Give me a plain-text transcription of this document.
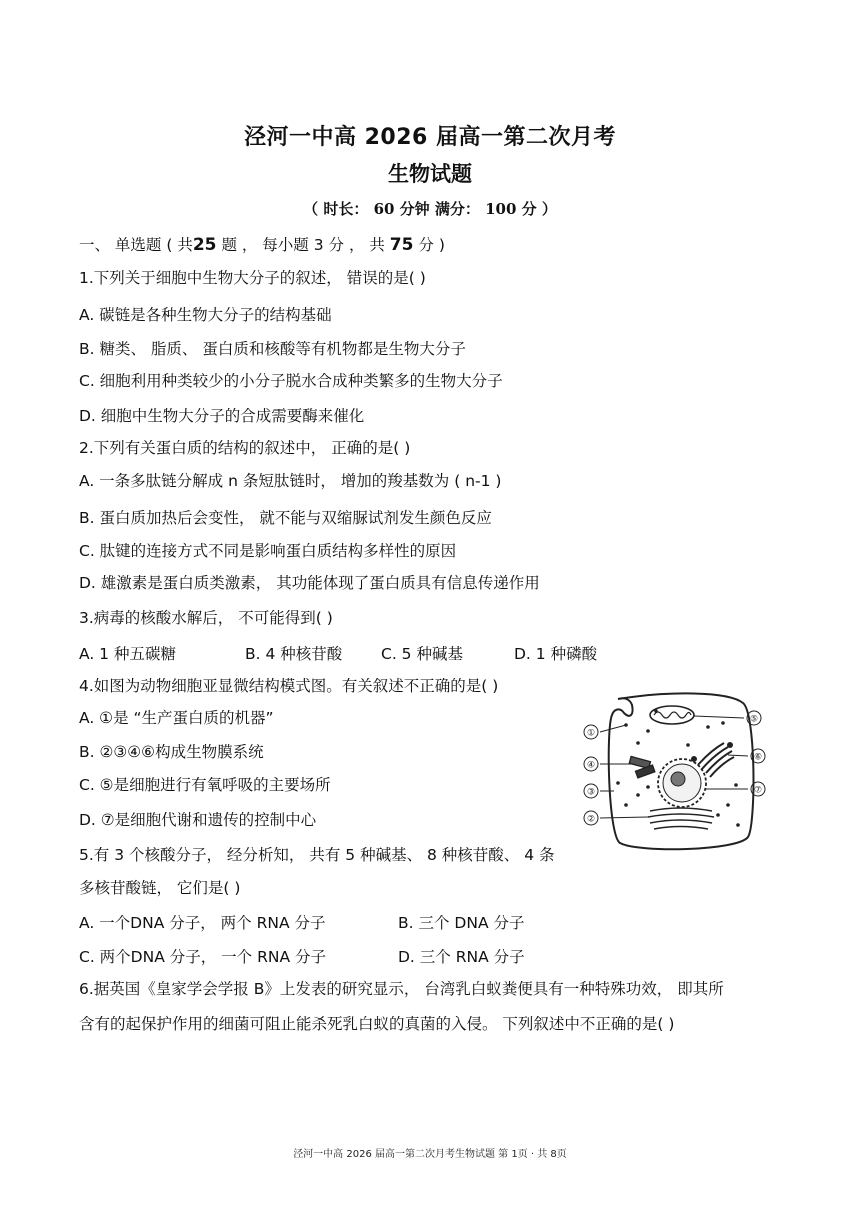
泾河一中高 2026 届高一第二次月考
生物试题
（ 时长： 60 分钟 满分： 100 分 ）
一、 单选题 ( 共25 题 ， 每小题 3 分 ， 共 75 分 )
1.下列关于细胞中生物大分子的叙述， 错误的是( )
A. 碳链是各种生物大分子的结构基础
B. 糖类、 脂质、 蛋白质和核酸等有机物都是生物大分子
C. 细胞利用种类较少的小分子脱水合成种类繁多的生物大分子
D. 细胞中生物大分子的合成需要酶来催化
2.下列有关蛋白质的结构的叙述中， 正确的是( )
A. 一条多肽链分解成 n 条短肽链时， 增加的羧基数为 ( n-1 )
B. 蛋白质加热后会变性， 就不能与双缩脲试剂发生颜色反应
C. 肽键的连接方式不同是影响蛋白质结构多样性的原因
D. 雄激素是蛋白质类激素， 其功能体现了蛋白质具有信息传递作用
3.病毒的核酸水解后， 不可能得到( )
A. 1 种五碳糖	B. 4 种核苷酸 C. 5 种碱基	D. 1 种磷酸
4.如图为动物细胞亚显微结构模式图。有关叙述不正确的是( )
A. ①是 “生产蛋白质的机器”
B. ②③④⑥构成生物膜系统
C. ⑤是细胞进行有氧呼吸的主要场所
D. ⑦是细胞代谢和遗传的控制中心
①
④
③
②
⑤
⑥
⑦
5.有 3 个核酸分子， 经分析知， 共有 5 种碱基、 8 种核苷酸、 4 条
多核苷酸链， 它们是( )
A. 一个DNA 分子， 两个 RNA 分子	B. 三个 DNA 分子
C. 两个DNA 分子， 一个 RNA 分子	D. 三个 RNA 分子
6.据英国《皇家学会学报 B》上发表的研究显示， 台湾乳白蚁粪便具有一种特殊功效， 即其所
含有的起保护作用的细菌可阻止能杀死乳白蚁的真菌的入侵。 下列叙述中不正确的是( )
泾河一中高 2026 届高一第二次月考生物试题 第 1页 · 共 8页
